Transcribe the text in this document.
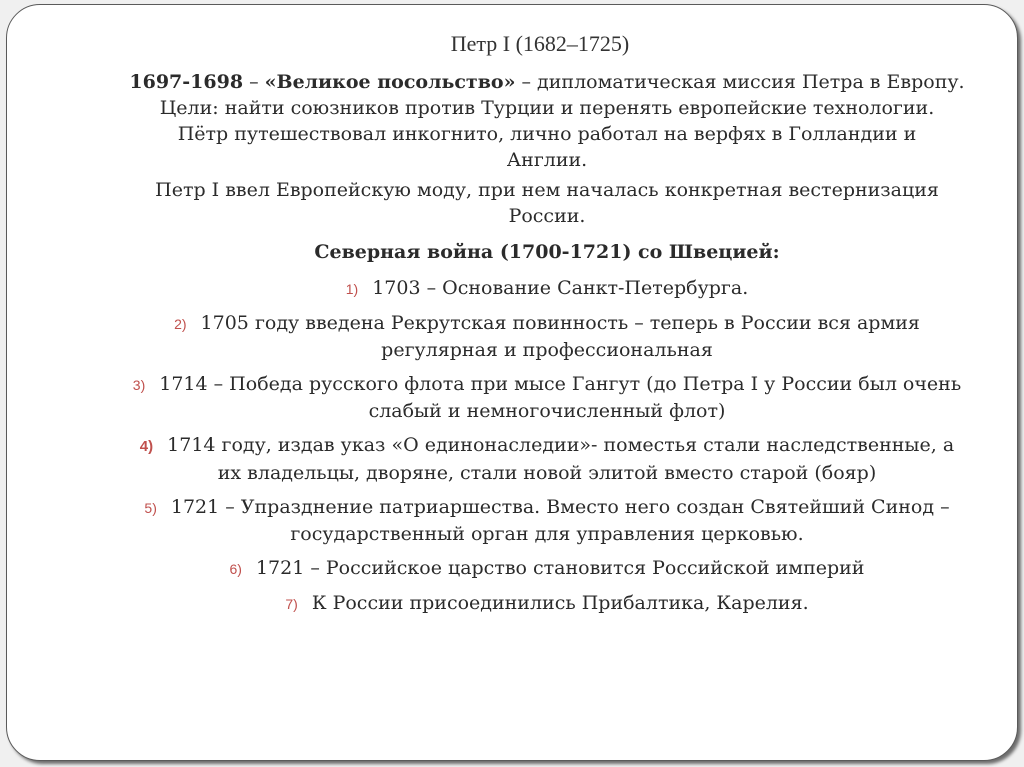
Петр I (1682–1725)

1697-1698 – «Великое посольство» – дипломатическая миссия Петра в Европу.

Цели: найти союзников против Турции и перенять европейские технологии.

Пётр путешествовал инкогнито, лично работал на верфях в Голландии и

Англии.

Петр I ввел Европейскую моду, при нем началась конкретная вестернизация

России.

Северная война (1700-1721) со Швецией:

1) 1703 – Основание Санкт-Петербурга.
2) 1705 году введена Рекрутская повинность – теперь в России вся армия
регулярная и профессиональная
3) 1714 – Победа русского флота при мысе Гангут (до Петра I у России был очень
слабый и немногочисленный флот)
4) 1714 году, издав указ «О единонаследии»- поместья стали наследственные, а
их владельцы, дворяне, стали новой элитой вместо старой (бояр)
5) 1721 – Упразднение патриаршества. Вместо него создан Святейший Синод –
государственный орган для управления церковью.
6) 1721 – Российское царство становится Российской империй
7) К России присоединились Прибалтика, Карелия.
